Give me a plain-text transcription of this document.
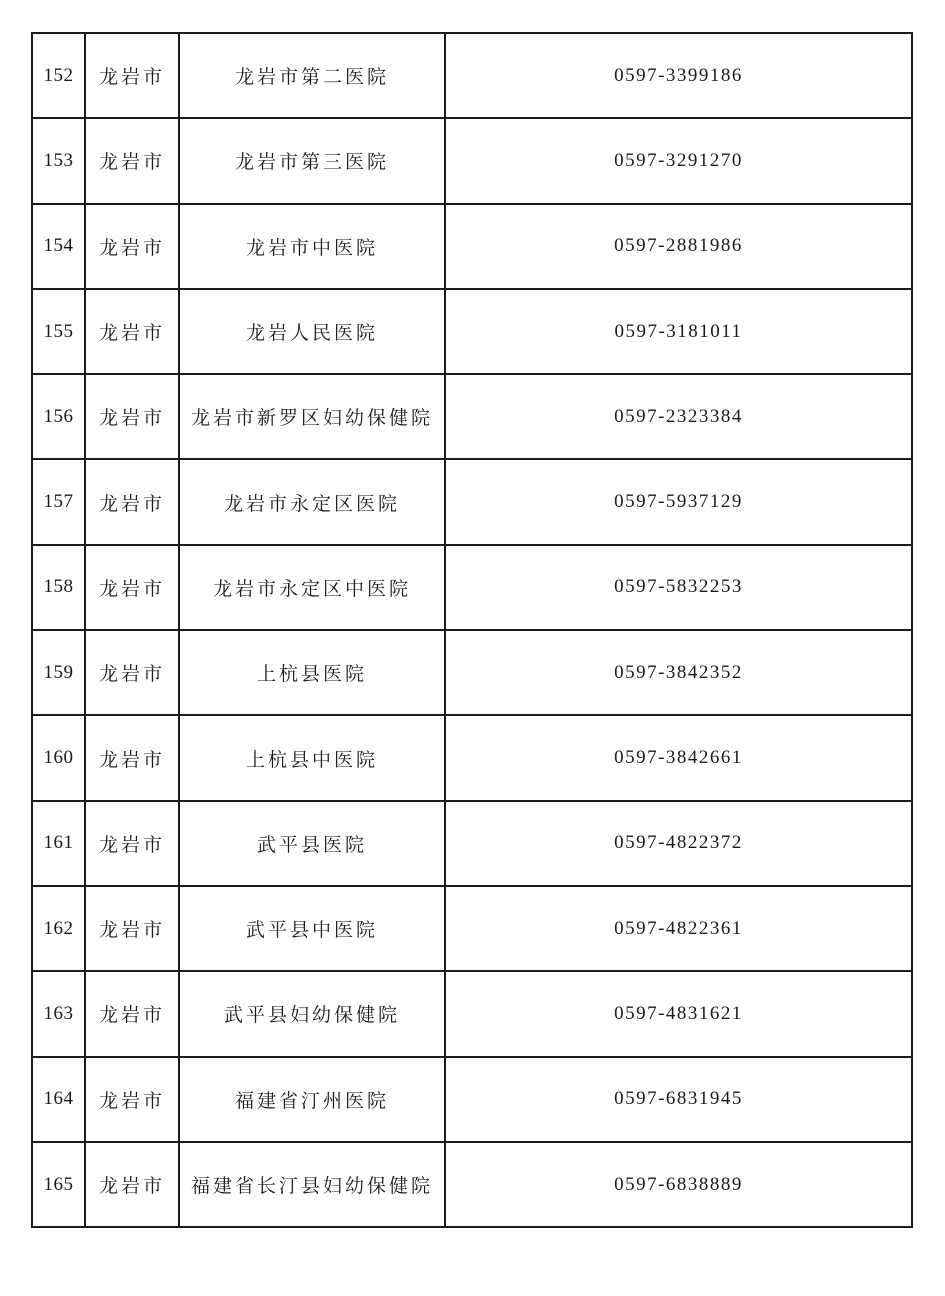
152	龙岩市	龙岩市第二医院	0597-3399186
153	龙岩市	龙岩市第三医院	0597-3291270
154	龙岩市	龙岩市中医院	0597-2881986
155	龙岩市	龙岩人民医院	0597-3181011
156	龙岩市	龙岩市新罗区妇幼保健院	0597-2323384
157	龙岩市	龙岩市永定区医院	0597-5937129
158	龙岩市	龙岩市永定区中医院	0597-5832253
159	龙岩市	上杭县医院	0597-3842352
160	龙岩市	上杭县中医院	0597-3842661
161	龙岩市	武平县医院	0597-4822372
162	龙岩市	武平县中医院	0597-4822361
163	龙岩市	武平县妇幼保健院	0597-4831621
164	龙岩市	福建省汀州医院	0597-6831945
165	龙岩市	福建省长汀县妇幼保健院	0597-6838889
